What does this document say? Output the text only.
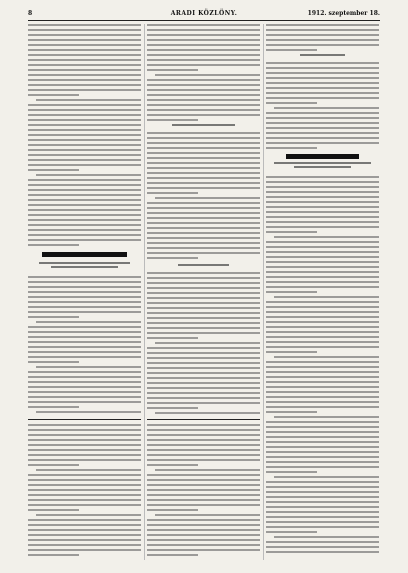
8	ARADI KÖZLÖNY.	1912. szeptember 18.
